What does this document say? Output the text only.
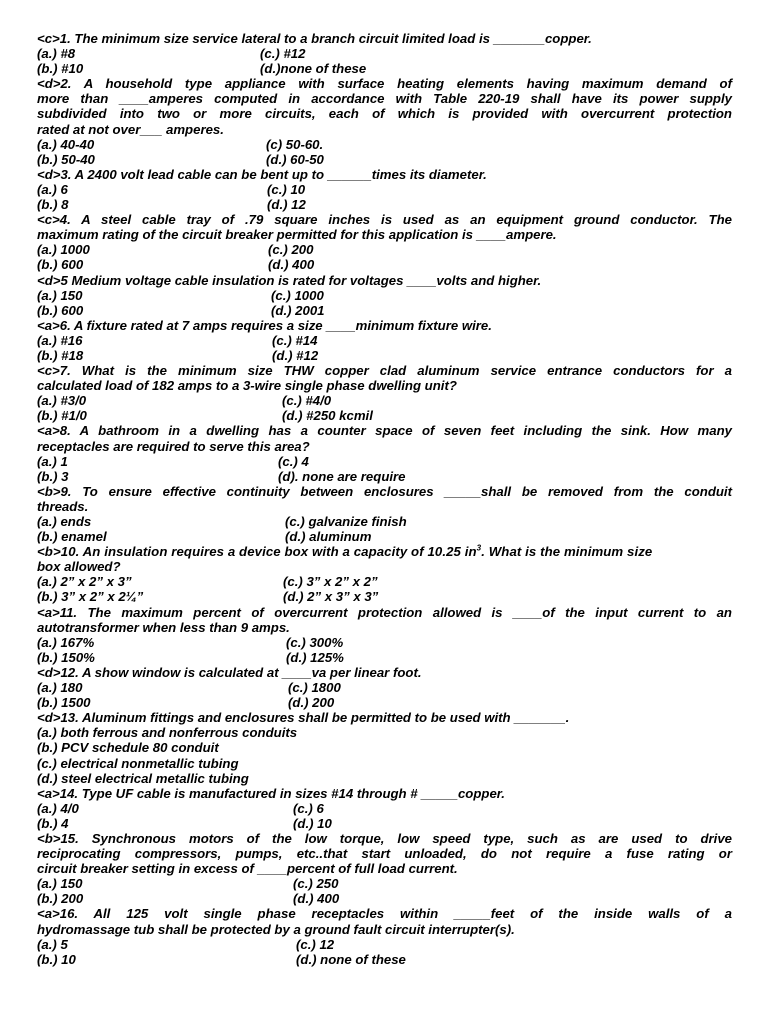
<c>1. The minimum size service lateral to a branch circuit limited load is _______copper.
(a.) #8	(c.) #12
(b.) #10	(d.)none of these
<d>2. A household type appliance with surface heating elements having maximum demand of
more than ____amperes computed in accordance with Table 220-19 shall have its power supply
subdivided into two or more circuits, each of which is provided with overcurrent protection
rated at not over___ amperes.
(a.) 40-40	(c) 50-60.
(b.) 50-40	(d.) 60-50
<d>3. A 2400 volt lead cable can be bent up to ______times its diameter.
(a.) 6	(c.) 10
(b.) 8	(d.) 12
<c>4. A steel cable tray of .79 square inches is used as an equipment ground conductor. The
maximum rating of the circuit breaker permitted for this application is ____ampere.
(a.) 1000	(c.) 200
(b.) 600	(d.) 400
<d>5 Medium voltage cable insulation is rated for voltages ____volts and higher.
(a.) 150	(c.) 1000
(b.) 600	(d.) 2001
<a>6. A fixture rated at 7 amps requires a size ____minimum fixture wire.
(a.) #16	(c.) #14
(b.) #18	(d.) #12
<c>7. What is the minimum size THW copper clad aluminum service entrance conductors for a
calculated load of 182 amps to a 3-wire single phase dwelling unit?
(a.) #3/0	(c.) #4/0
(b.) #1/0	(d.) #250 kcmil
<a>8. A bathroom in a dwelling has a counter space of seven feet including the sink. How many
receptacles are required to serve this area?
(a.) 1	(c.) 4
(b.) 3	(d). none are require
<b>9. To ensure effective continuity between enclosures _____shall be removed from the conduit
threads.
(a.) ends	(c.) galvanize finish
(b.) enamel	(d.) aluminum
<b>10. An insulation requires a device box with a capacity of 10.25 $in^3$. What is the minimum size
box allowed?
(a.) 2” x 2” x 3”	(c.) 3” x 2” x 2”
(b.) 3” x 2” x 2¼”	(d.) 2” x 3” x 3”
<a>11. The maximum percent of overcurrent protection allowed is ____of the input current to an
autotransformer when less than 9 amps.
(a.) 167%	(c.) 300%
(b.) 150%	(d.) 125%
<d>12. A show window is calculated at ____va per linear foot.
(a.) 180	(c.) 1800
(b.) 1500	(d.) 200
<d>13. Aluminum fittings and enclosures shall be permitted to be used with _______.
(a.) both ferrous and nonferrous conduits
(b.) PCV schedule 80 conduit
(c.) electrical nonmetallic tubing
(d.) steel electrical metallic tubing
<a>14. Type UF cable is manufactured in sizes #14 through # _____copper.
(a.) 4/0	(c.) 6
(b.) 4	(d.) 10
<b>15. Synchronous motors of the low torque, low speed type, such as are used to drive
reciprocating compressors, pumps, etc..that start unloaded, do not require a fuse rating or
circuit breaker setting in excess of ____percent of full load current.
(a.) 150	(c.) 250
(b.) 200	(d.) 400
<a>16. All 125 volt single phase receptacles within _____feet of the inside walls of a
hydromassage tub shall be protected by a ground fault circuit interrupter(s).
(a.) 5	(c.) 12
(b.) 10	(d.) none of these
